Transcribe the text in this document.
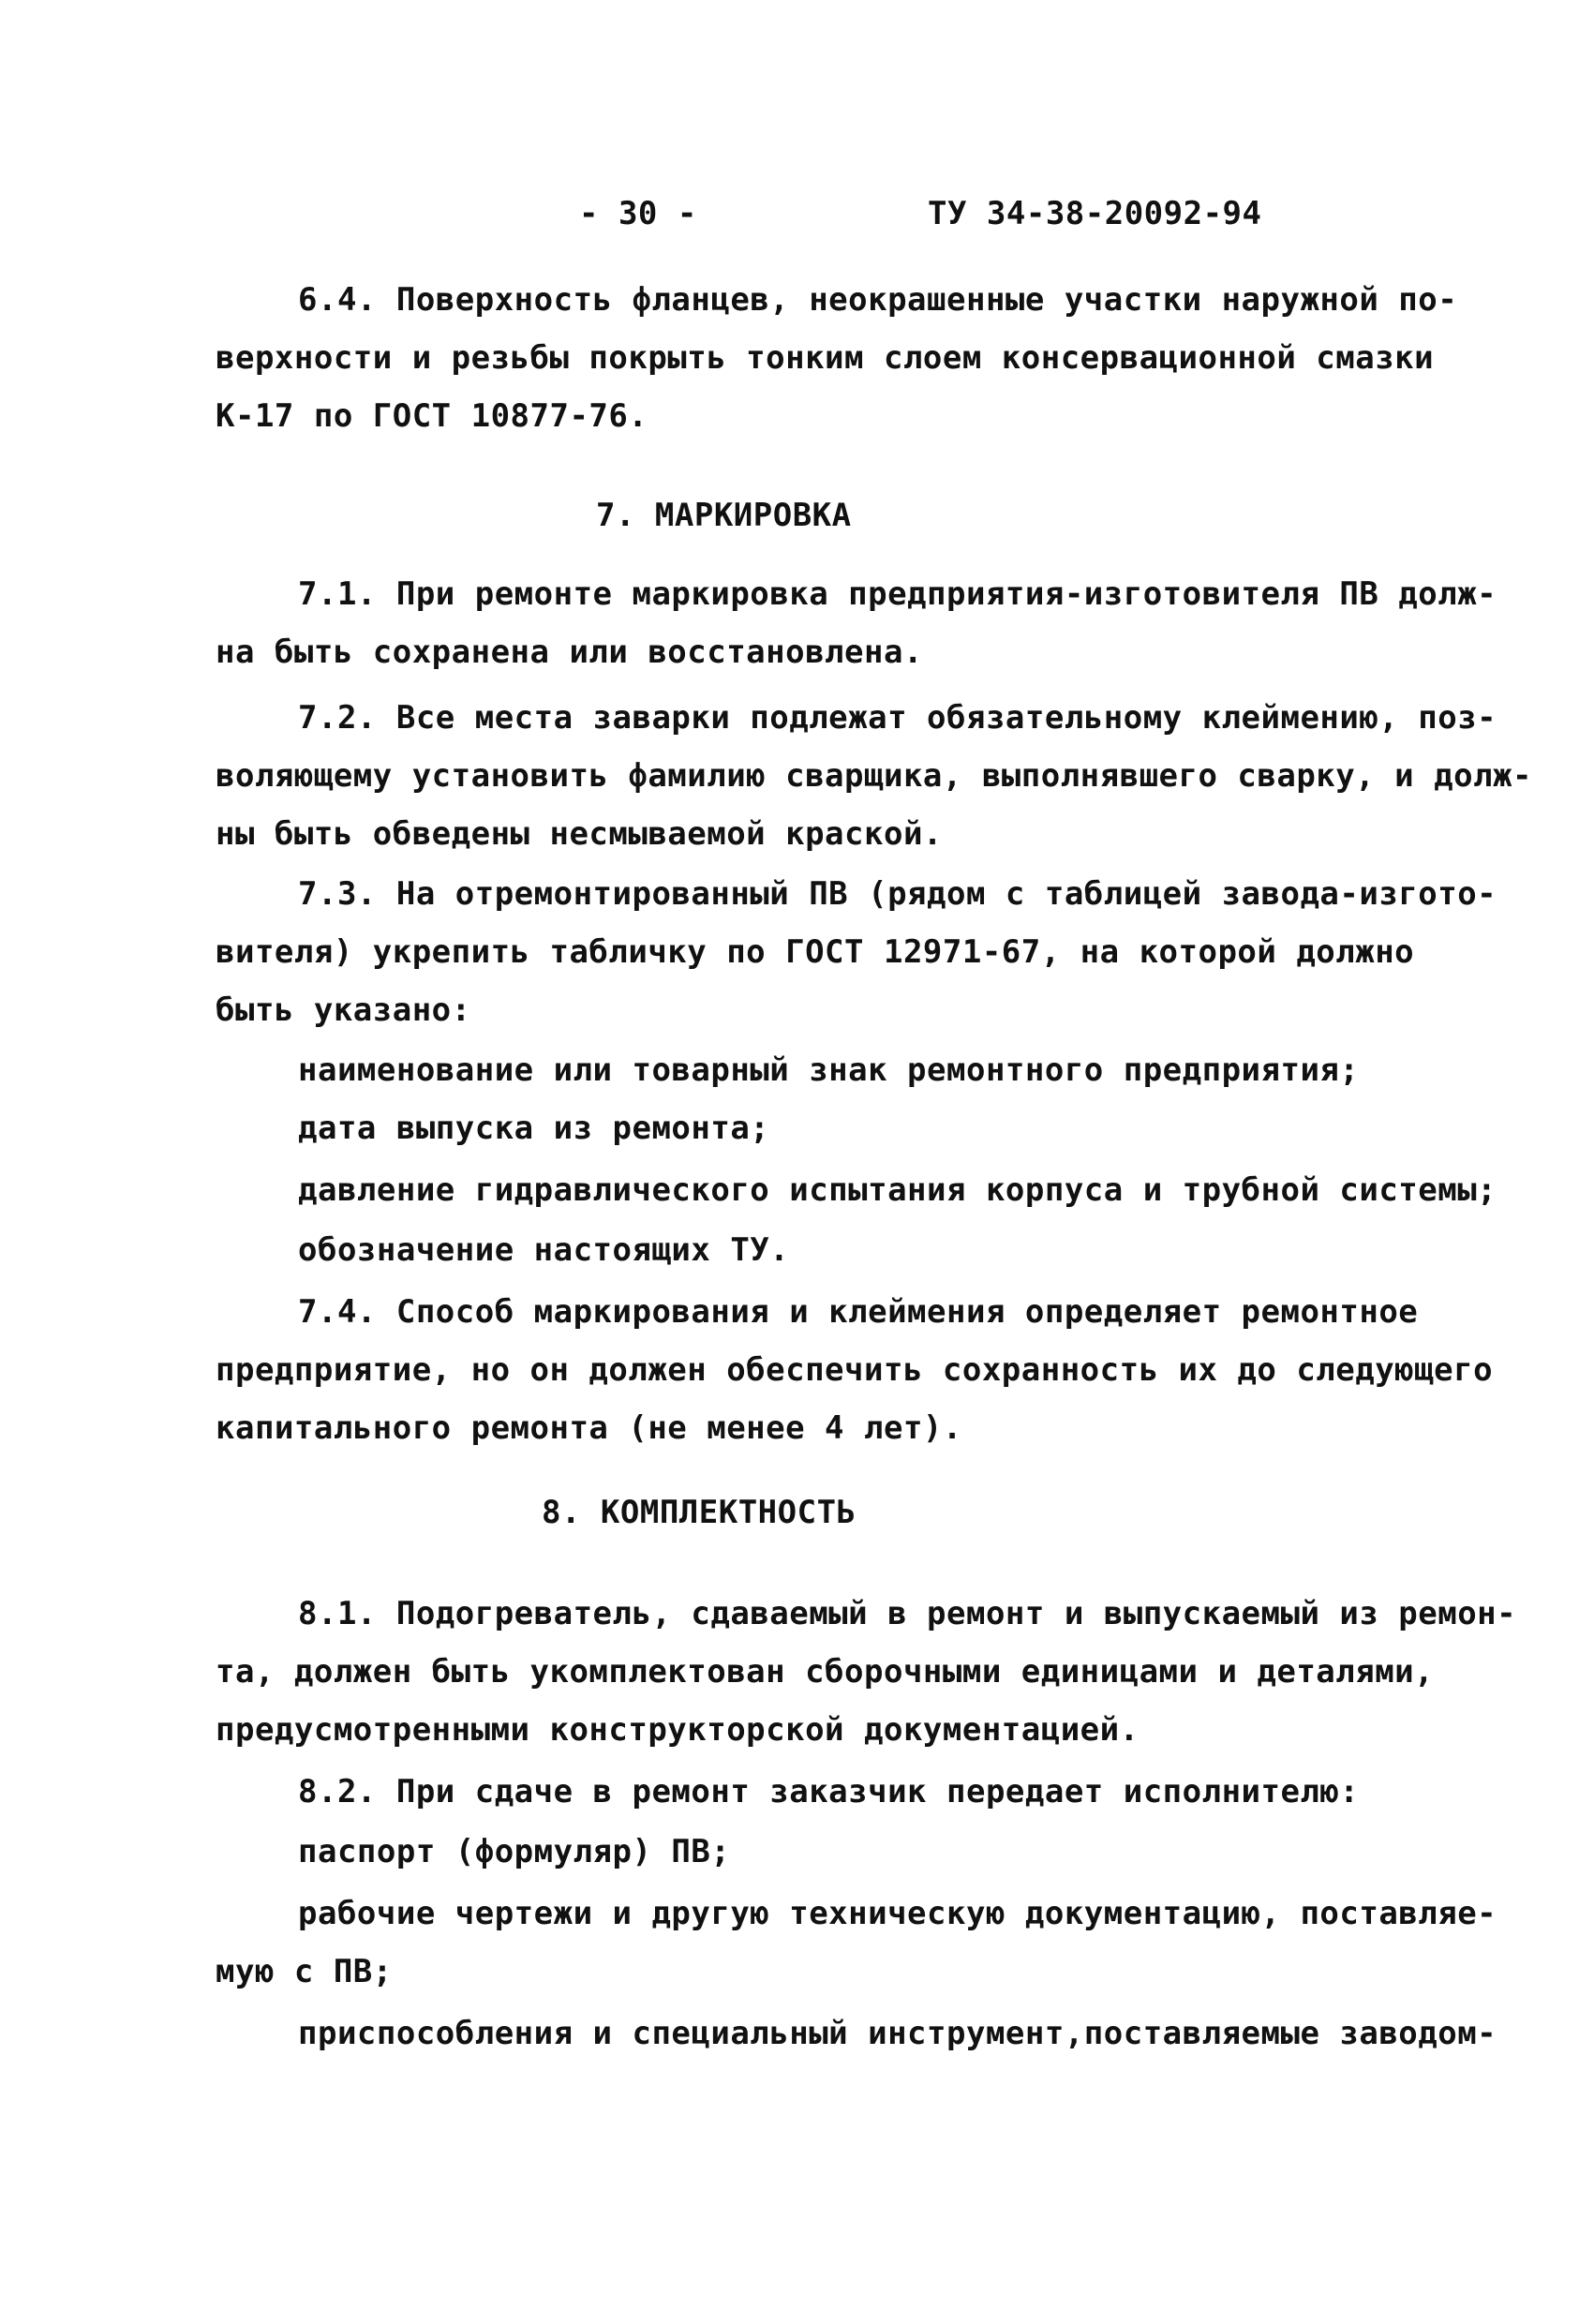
- 30 -	ТУ 34-38-20092-94
6.4. Поверхность фланцев, неокрашенные участки наружной по-
верхности и резьбы покрыть тонким слоем консервационной смазки
К-17 по ГОСТ 10877-76.
7. МАРКИРОВКА
7.1. При ремонте маркировка предприятия-изготовителя ПВ долж-
на быть сохранена или восстановлена.
7.2. Все места заварки подлежат обязательному клеймению, поз-
воляющему установить фамилию сварщика, выполнявшего сварку, и долж-
ны быть обведены несмываемой краской.
7.3. На отремонтированный ПВ (рядом с таблицей завода-изгото-
вителя) укрепить табличку по ГОСТ 12971-67, на которой должно
быть указано:
наименование или товарный знак ремонтного предприятия;
дата выпуска из ремонта;
давление гидравлического испытания корпуса и трубной системы;
обозначение настоящих ТУ.
7.4. Способ маркирования и клеймения определяет ремонтное
предприятие, но он должен обеспечить сохранность их до следующего
капитального ремонта (не менее 4 лет).
8. КОМПЛЕКТНОСТЬ
8.1. Подогреватель, сдаваемый в ремонт и выпускаемый из ремон-
та, должен быть укомплектован сборочными единицами и деталями,
предусмотренными конструкторской документацией.
8.2. При сдаче в ремонт заказчик передает исполнителю:
паспорт (формуляр) ПВ;
рабочие чертежи и другую техническую документацию, поставляе-
мую с ПВ;
приспособления и специальный инструмент,поставляемые заводом-
